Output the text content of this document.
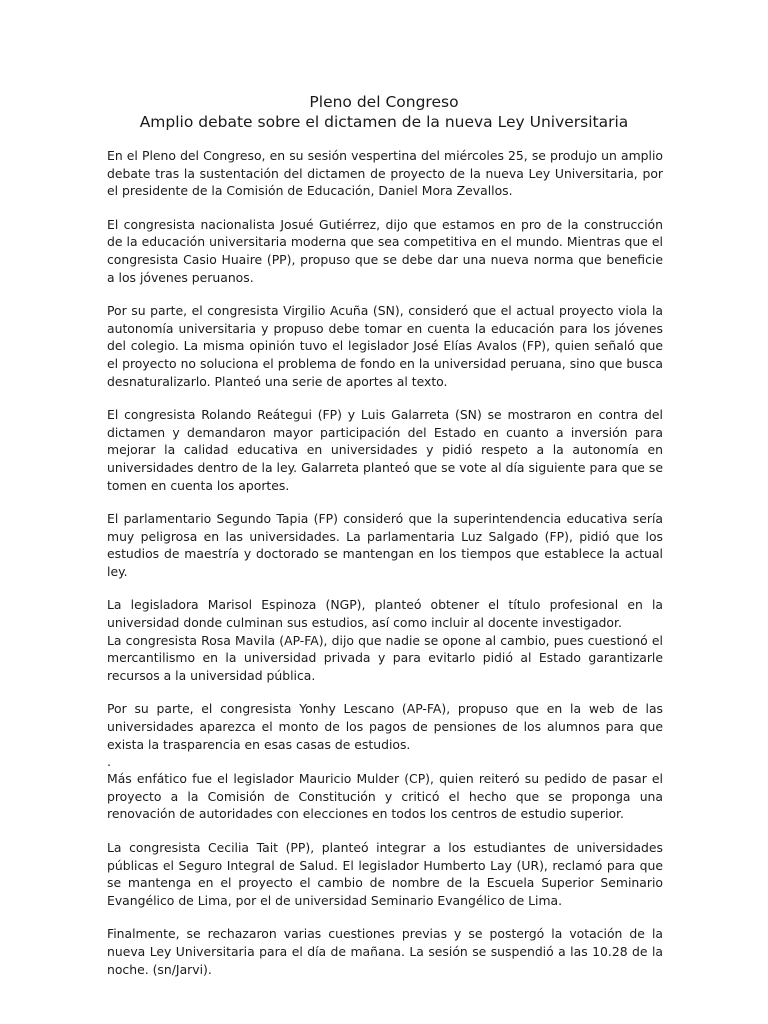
Pleno del Congreso
Amplio debate sobre el dictamen de la nueva Ley Universitaria

En el Pleno del Congreso, en su sesión vespertina del miércoles 25, se produjo un amplio debate tras la sustentación del dictamen de proyecto de la nueva Ley Universitaria, por el presidente de la Comisión de Educación, Daniel Mora Zevallos.

El congresista nacionalista Josué Gutiérrez, dijo que estamos en pro de la construcción de la educación universitaria moderna que sea competitiva en el mundo. Mientras que el congresista Casio Huaire (PP), propuso que se debe dar una nueva norma que beneficie a los jóvenes peruanos.

Por su parte, el congresista Virgilio Acuña (SN), consideró que el actual proyecto viola la autonomía universitaria y propuso debe tomar en cuenta la educación para los jóvenes del colegio. La misma opinión tuvo el legislador José Elías Avalos (FP), quien señaló que el proyecto no soluciona el problema de fondo en la universidad peruana, sino que busca desnaturalizarlo. Planteó una serie de aportes al texto.

El congresista Rolando Reátegui (FP) y Luis Galarreta (SN) se mostraron en contra del dictamen y demandaron mayor participación del Estado en cuanto a inversión para mejorar la calidad educativa en universidades y pidió respeto a la autonomía en universidades dentro de la ley. Galarreta planteó que se vote al día siguiente para que se tomen en cuenta los aportes.

El parlamentario Segundo Tapia (FP) consideró que la superintendencia educativa sería muy peligrosa en las universidades. La parlamentaria Luz Salgado (FP), pidió que los estudios de maestría y doctorado se mantengan en los tiempos que establece la actual ley.

La legisladora Marisol Espinoza (NGP), planteó obtener el título profesional en la universidad donde culminan sus estudios, así como incluir al docente investigador.

La congresista Rosa Mavila (AP-FA), dijo que nadie se opone al cambio, pues cuestionó el mercantilismo en la universidad privada y para evitarlo pidió al Estado garantizarle recursos a la universidad pública.

Por su parte, el congresista Yonhy Lescano (AP-FA), propuso que en la web de las universidades aparezca el monto de los pagos de pensiones de los alumnos para que exista la trasparencia en esas casas de estudios.

.

Más enfático fue el legislador Mauricio Mulder (CP), quien reiteró su pedido de pasar el proyecto a la Comisión de Constitución y criticó el hecho que se proponga una renovación de autoridades con elecciones en todos los centros de estudio superior.

La congresista Cecilia Tait (PP), planteó integrar a los estudiantes de universidades públicas el Seguro Integral de Salud. El legislador Humberto Lay (UR), reclamó para que se mantenga en el proyecto el cambio de nombre de la Escuela Superior Seminario Evangélico de Lima, por el de universidad Seminario Evangélico de Lima.

Finalmente, se rechazaron varias cuestiones previas y se postergó la votación de la nueva Ley Universitaria para el día de mañana. La sesión se suspendió a las 10.28 de la noche. (sn/Jarvi).
